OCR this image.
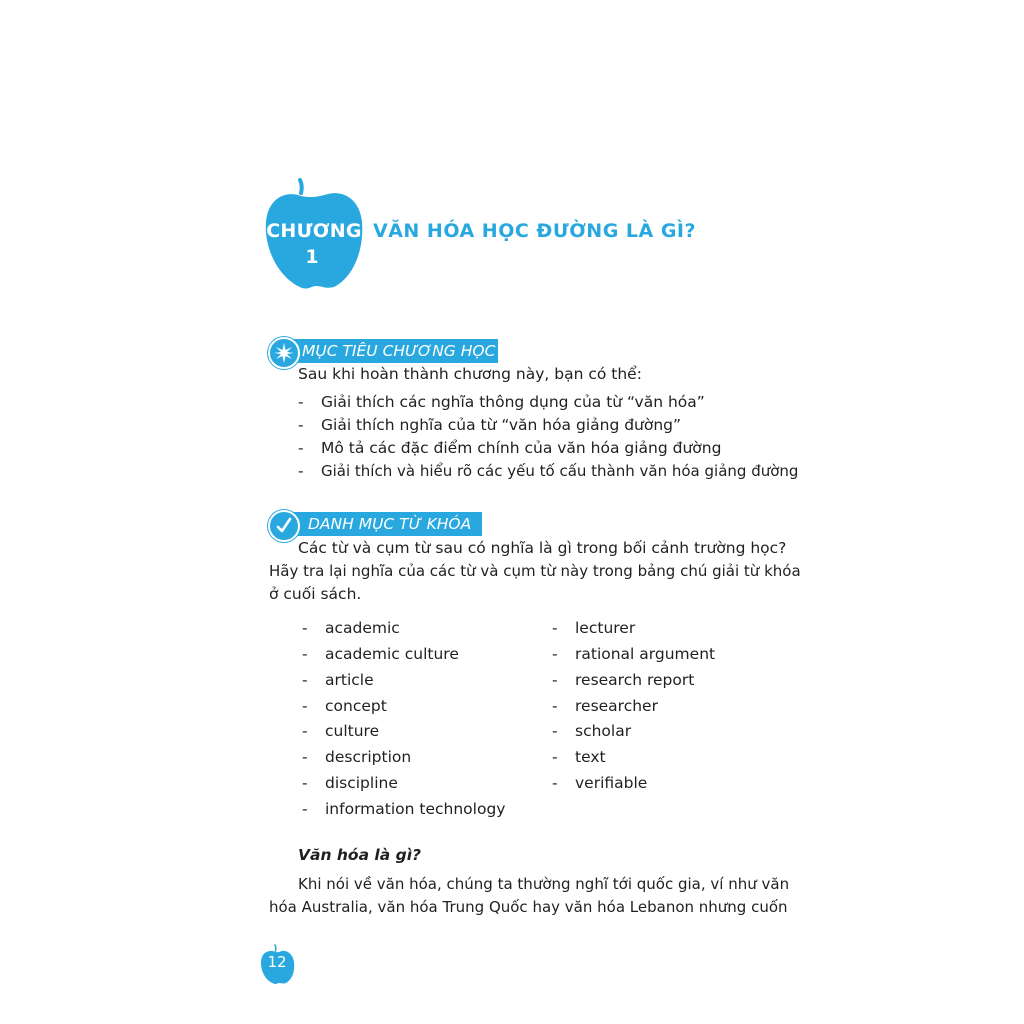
CHƯƠNG
1
VĂN HÓA HỌC ĐƯỜNG LÀ GÌ?
MỤC TIÊU CHƯƠNG HỌC
Sau khi hoàn thành chương này, bạn có thể:
- Giải thích các nghĩa thông dụng của từ “văn hóa”
- Giải thích nghĩa của từ “văn hóa giảng đường”
- Mô tả các đặc điểm chính của văn hóa giảng đường
- Giải thích và hiểu rõ các yếu tố cấu thành văn hóa giảng đường
DANH MỤC TỪ KHÓA
Các từ và cụm từ sau có nghĩa là gì trong bối cảnh trường học?
Hãy tra lại nghĩa của các từ và cụm từ này trong bảng chú giải từ khóa
ở cuối sách.
- academic
- academic culture
- article
- concept
- culture
- description
- discipline
- information technology
- lecturer
- rational argument
- research report
- researcher
- scholar
- text
- verifiable
Văn hóa là gì?
Khi nói về văn hóa, chúng ta thường nghĩ tới quốc gia, ví như văn
hóa Australia, văn hóa Trung Quốc hay văn hóa Lebanon nhưng cuốn
12
